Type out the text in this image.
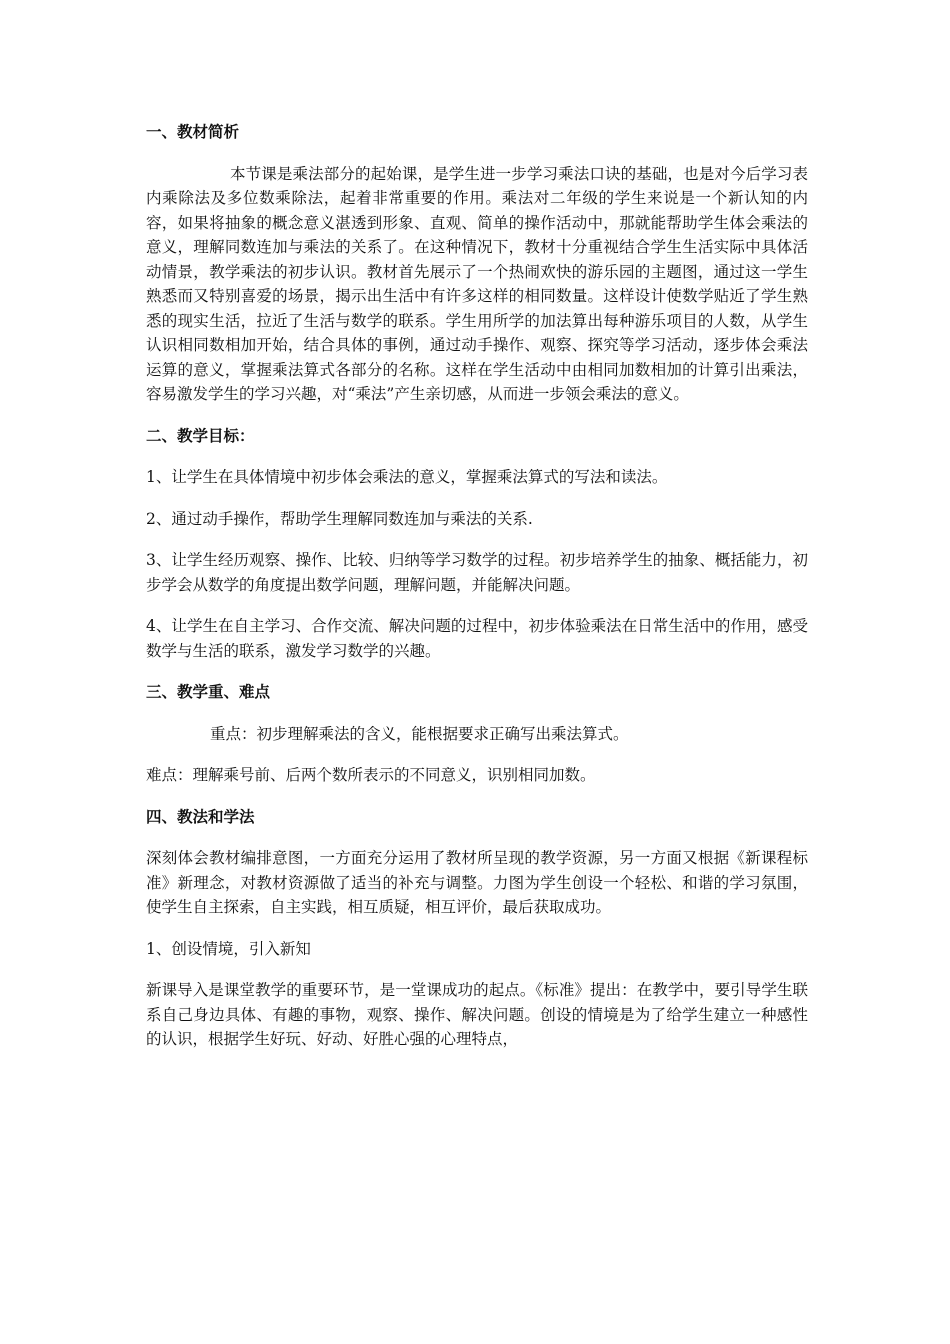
一、教材简析
本节课是乘法部分的起始课，是学生进一步学习乘法口诀的基础，也是对今后学习表内乘除法及多位数乘除法，起着非常重要的作用。乘法对二年级的学生来说是一个新认知的内容，如果将抽象的概念意义湛透到形象、直观、简单的操作活动中，那就能帮助学生体会乘法的意义，理解同数连加与乘法的关系了。在这种情况下，教材十分重视结合学生生活实际中具体活动情景，教学乘法的初步认识。教材首先展示了一个热闹欢快的游乐园的主题图，通过这一学生熟悉而又特别喜爱的场景，揭示出生活中有许多这样的相同数量。这样设计使数学贴近了学生熟悉的现实生活，拉近了生活与数学的联系。学生用所学的加法算出每种游乐项目的人数，从学生认识相同数相加开始，结合具体的事例，通过动手操作、观察、探究等学习活动，逐步体会乘法运算的意义，掌握乘法算式各部分的名称。这样在学生活动中由相同加数相加的计算引出乘法，容易激发学生的学习兴趣，对“乘法”产生亲切感，从而进一步领会乘法的意义。
二、教学目标：
1、让学生在具体情境中初步体会乘法的意义，掌握乘法算式的写法和读法。
2、通过动手操作，帮助学生理解同数连加与乘法的关系.
3、让学生经历观察、操作、比较、归纳等学习数学的过程。初步培养学生的抽象、概括能力，初步学会从数学的角度提出数学问题，理解问题，并能解决问题。
4、让学生在自主学习、合作交流、解决问题的过程中，初步体验乘法在日常生活中的作用，感受数学与生活的联系，激发学习数学的兴趣。
三、教学重、难点
重点：初步理解乘法的含义，能根据要求正确写出乘法算式。
难点：理解乘号前、后两个数所表示的不同意义，识别相同加数。
四、教法和学法
深刻体会教材编排意图，一方面充分运用了教材所呈现的教学资源，另一方面又根据《新课程标准》新理念，对教材资源做了适当的补充与调整。力图为学生创设一个轻松、和谐的学习氛围，使学生自主探索，自主实践，相互质疑，相互评价，最后获取成功。
1、创设情境，引入新知
新课导入是课堂教学的重要环节，是一堂课成功的起点。《标准》提出：在教学中，要引导学生联系自己身边具体、有趣的事物，观察、操作、解决问题。创设的情境是为了给学生建立一种感性的认识，根据学生好玩、好动、好胜心强的心理特点，
